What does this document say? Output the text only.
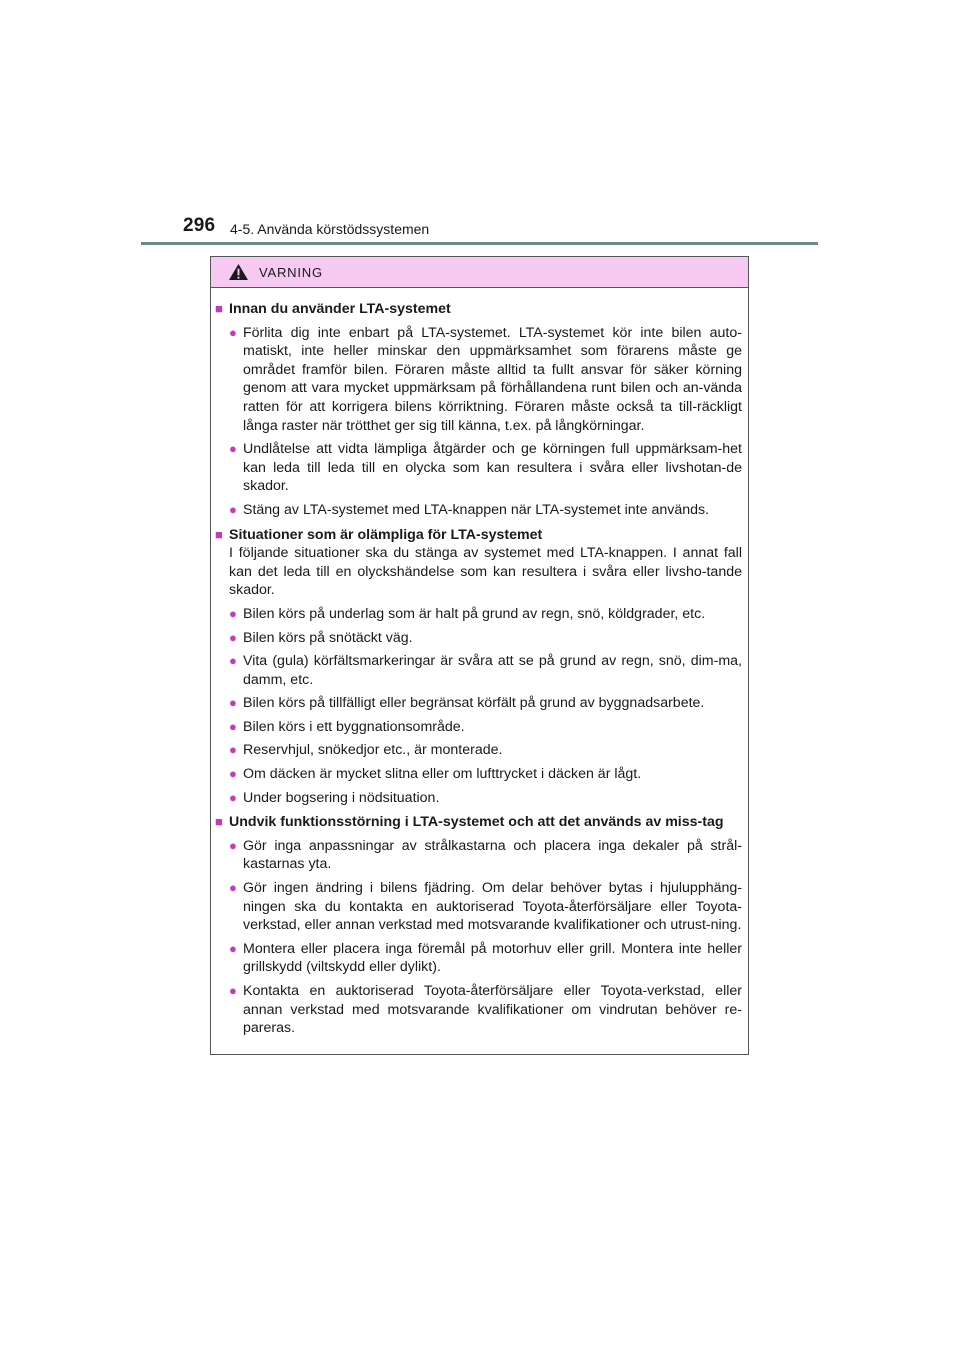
296 4-5. Använda körstödssystemen
VARNING
■ Innan du använder LTA-systemet
● Förlita dig inte enbart på LTA-systemet. LTA-systemet kör inte bilen auto-matiskt, inte heller minskar den uppmärksamhet som förarens måste ge området framför bilen. Föraren måste alltid ta fullt ansvar för säker körning genom att vara mycket uppmärksam på förhållandena runt bilen och an-vända ratten för att korrigera bilens körriktning. Föraren måste också ta till-räckligt långa raster när trötthet ger sig till känna, t.ex. på långkörningar.
● Undlåtelse att vidta lämpliga åtgärder och ge körningen full uppmärksam-het kan leda till leda till en olycka som kan resultera i svåra eller livshotan-de skador.
● Stäng av LTA-systemet med LTA-knappen när LTA-systemet inte används.
■ Situationer som är olämpliga för LTA-systemet
I följande situationer ska du stänga av systemet med LTA-knappen. I annat fall kan det leda till en olyckshändelse som kan resultera i svåra eller livsho-tande skador.
● Bilen körs på underlag som är halt på grund av regn, snö, köldgrader, etc.
● Bilen körs på snötäckt väg.
● Vita (gula) körfältsmarkeringar är svåra att se på grund av regn, snö, dim-ma, damm, etc.
● Bilen körs på tillfälligt eller begränsat körfält på grund av byggnadsarbete.
● Bilen körs i ett byggnationsområde.
● Reservhjul, snökedjor etc., är monterade.
● Om däcken är mycket slitna eller om lufttrycket i däcken är lågt.
● Under bogsering i nödsituation.
■ Undvik funktionsstörning i LTA-systemet och att det används av miss-tag
● Gör inga anpassningar av strålkastarna och placera inga dekaler på strål-kastarnas yta.
● Gör ingen ändring i bilens fjädring. Om delar behöver bytas i hjulupphäng-ningen ska du kontakta en auktoriserad Toyota-återförsäljare eller Toyota-verkstad, eller annan verkstad med motsvarande kvalifikationer och utrust-ning.
● Montera eller placera inga föremål på motorhuv eller grill. Montera inte heller grillskydd (viltskydd eller dylikt).
● Kontakta en auktoriserad Toyota-återförsäljare eller Toyota-verkstad, eller annan verkstad med motsvarande kvalifikationer om vindrutan behöver re-pareras.
